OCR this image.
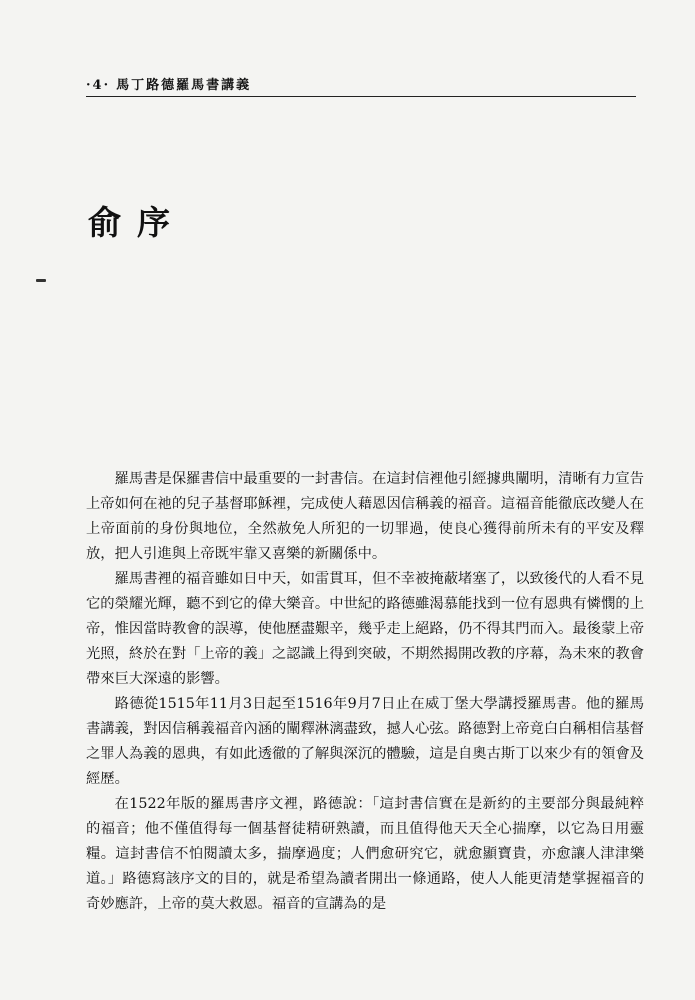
·4· 馬丁路德羅馬書講義
俞序

羅馬書是保羅書信中最重要的一封書信。在這封信裡他引經據典闡明，清晰有力宣告上帝如何在祂的兒子基督耶穌裡，完成使人藉恩因信稱義的福音。這福音能徹底改變人在上帝面前的身份與地位，全然赦免人所犯的一切罪過，使良心獲得前所未有的平安及釋放，把人引進與上帝既牢靠又喜樂的新關係中。

羅馬書裡的福音雖如日中天，如雷貫耳，但不幸被掩蔽堵塞了，以致後代的人看不見它的榮耀光輝，聽不到它的偉大樂音。中世紀的路德雖渴慕能找到一位有恩典有憐憫的上帝，惟因當時教會的誤導，使他歷盡艱辛，幾乎走上絕路，仍不得其門而入。最後蒙上帝光照，終於在對「上帝的義」之認識上得到突破，不期然揭開改教的序幕，為未來的教會帶來巨大深遠的影響。

路德從1515年11月3日起至1516年9月7日止在威丁堡大學講授羅馬書。他的羅馬書講義，對因信稱義福音內涵的闡釋淋漓盡致，撼人心弦。路德對上帝竟白白稱相信基督之罪人為義的恩典，有如此透徹的了解與深沉的體驗，這是自奧古斯丁以來少有的領會及經歷。

在1522年版的羅馬書序文裡，路德說：「這封書信實在是新約的主要部分與最純粹的福音；他不僅值得每一個基督徒精研熟讀，而且值得他天天全心揣摩，以它為日用靈糧。這封書信不怕閱讀太多，揣摩過度；人們愈研究它，就愈顯寶貴，亦愈讓人津津樂道。」路德寫該序文的目的，就是希望為讀者開出一條通路，使人人能更清楚掌握福音的奇妙應許，上帝的莫大救恩。福音的宣講為的是
